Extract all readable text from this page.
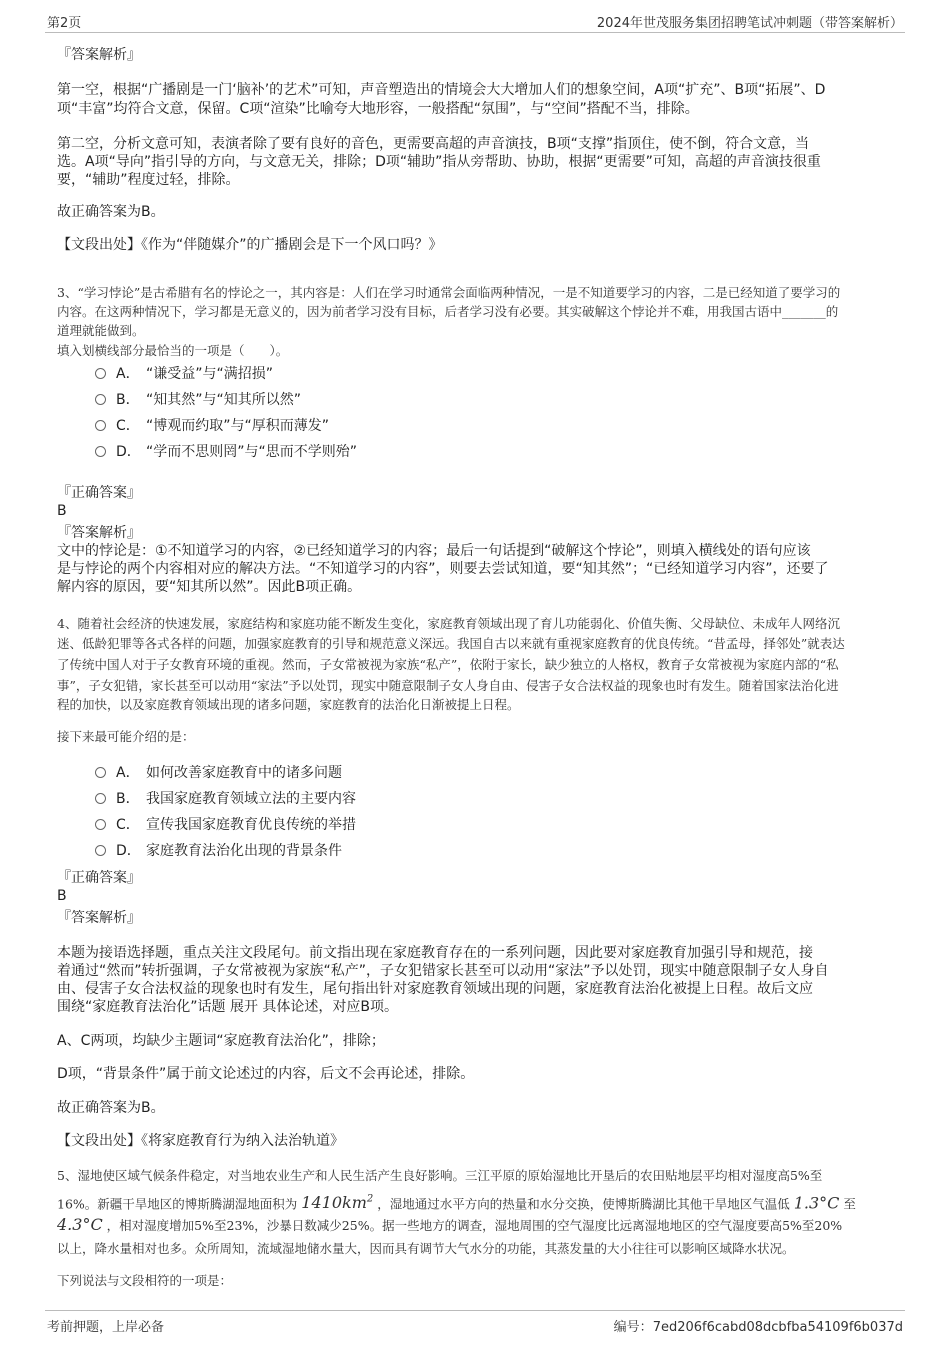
第2页	2024年世茂服务集团招聘笔试冲刺题（带答案解析）
『答案解析』
第一空，根据“广播剧是一门‘脑补’的艺术”可知，声音塑造出的情境会大大增加人们的想象空间，A项“扩充”、B项“拓展”、D
项“丰富”均符合文意，保留。C项“渲染”比喻夸大地形容，一般搭配“氛围”，与“空间”搭配不当，排除。
第二空，分析文意可知，表演者除了要有良好的音色，更需要高超的声音演技，B项“支撑”指顶住，使不倒，符合文意，当
选。A项“导向”指引导的方向，与文意无关，排除；D项“辅助”指从旁帮助、协助，根据“更需要”可知，高超的声音演技很重
要，“辅助”程度过轻，排除。
故正确答案为B。
【文段出处】《作为“伴随媒介”的广播剧会是下一个风口吗？》
3、“学习悖论”是古希腊有名的悖论之一，其内容是：人们在学习时通常会面临两种情况，一是不知道要学习的内容，二是已经知道了要学习的
内容。在这两种情况下，学习都是无意义的，因为前者学习没有目标，后者学习没有必要。其实破解这个悖论并不难，用我国古语中_______的
道理就能做到。
填入划横线部分最恰当的一项是（　　）。
A． “谦受益”与“满招损”
B． “知其然”与“知其所以然”
C． “博观而约取”与“厚积而薄发”
D． “学而不思则罔”与“思而不学则殆”
『正确答案』
B
『答案解析』
文中的悖论是：①不知道学习的内容，②已经知道学习的内容；最后一句话提到“破解这个悖论”，则填入横线处的语句应该
是与悖论的两个内容相对应的解决方法。“不知道学习的内容”，则要去尝试知道，要“知其然”；“已经知道学习内容”，还要了
解内容的原因，要“知其所以然”。因此B项正确。
4、随着社会经济的快速发展，家庭结构和家庭功能不断发生变化，家庭教育领域出现了育儿功能弱化、价值失衡、父母缺位、未成年人网络沉
迷、低龄犯罪等各式各样的问题，加强家庭教育的引导和规范意义深远。我国自古以来就有重视家庭教育的优良传统。“昔孟母，择邻处”就表达
了传统中国人对于子女教育环境的重视。然而，子女常被视为家族“私产”，依附于家长，缺少独立的人格权，教育子女常被视为家庭内部的“私
事”，子女犯错，家长甚至可以动用“家法”予以处罚，现实中随意限制子女人身自由、侵害子女合法权益的现象也时有发生。随着国家法治化进
程的加快，以及家庭教育领域出现的诸多问题，家庭教育的法治化日渐被提上日程。
接下来最可能介绍的是：
A． 如何改善家庭教育中的诸多问题
B． 我国家庭教育领域立法的主要内容
C． 宣传我国家庭教育优良传统的举措
D． 家庭教育法治化出现的背景条件
『正确答案』
B
『答案解析』
本题为接语选择题，重点关注文段尾句。前文指出现在家庭教育存在的一系列问题，因此要对家庭教育加强引导和规范，接
着通过“然而”转折强调，子女常被视为家族“私产”，子女犯错家长甚至可以动用“家法”予以处罚，现实中随意限制子女人身自
由、侵害子女合法权益的现象也时有发生，尾句指出针对家庭教育领域出现的问题，家庭教育法治化被提上日程。故后文应
围绕“家庭教育法治化”话题 展开 具体论述，对应B项。
A、C两项，均缺少主题词“家庭教育法治化”，排除；
D项，“背景条件”属于前文论述过的内容，后文不会再论述，排除。
故正确答案为B。
【文段出处】《将家庭教育行为纳入法治轨道》
5、湿地使区域气候条件稳定，对当地农业生产和人民生活产生良好影响。三江平原的原始湿地比开垦后的农田贴地层平均相对湿度高5%至
16%。新疆干旱地区的博斯腾湖湿地面积为 $1410km^2$ ，湿地通过水平方向的热量和水分交换，使博斯腾湖比其他干旱地区气温低 1.3°C 至
4.3°C ，相对湿度增加5%至23%，沙暴日数减少25%。据一些地方的调查，湿地周围的空气湿度比远离湿地地区的空气湿度要高5%至20%
以上，降水量相对也多。众所周知，流域湿地储水量大，因而具有调节大气水分的功能，其蒸发量的大小往往可以影响区域降水状况。
下列说法与文段相符的一项是：
考前押题，上岸必备	编号：7ed206f6cabd08dcbfba54109f6b037d
